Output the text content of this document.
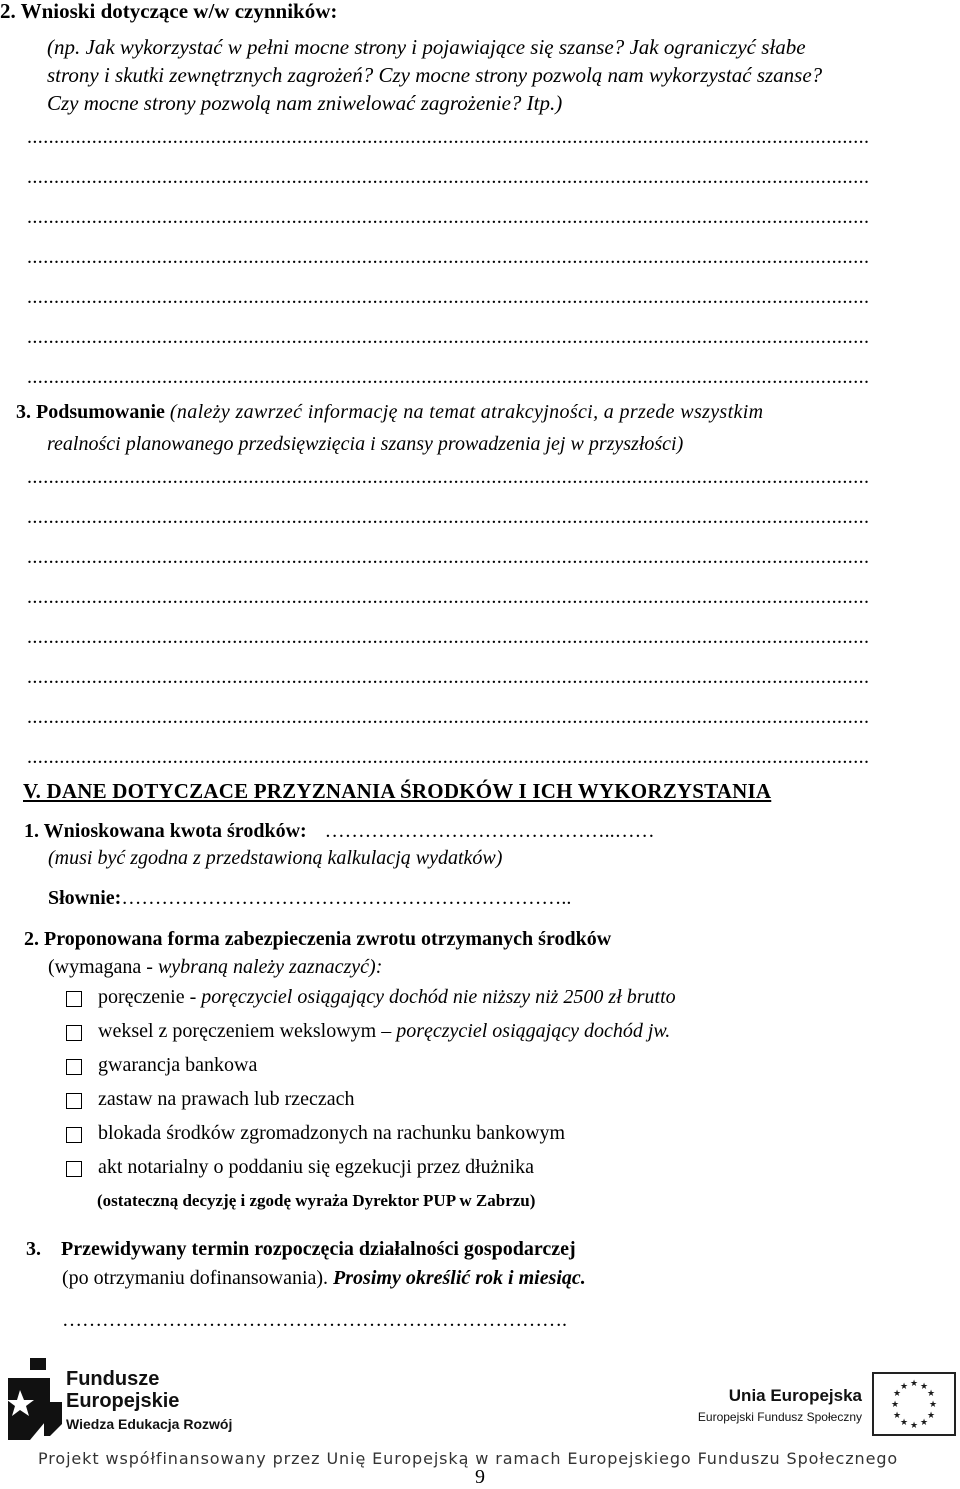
2. Wnioski dotyczące w/w czynników:
(np. Jak wykorzystać w pełni mocne strony i pojawiające się szanse? Jak ograniczyć słabe
strony i skutki zewnętrznych zagrożeń? Czy mocne strony pozwolą nam wykorzystać szanse?
Czy mocne strony pozwolą nam zniwelować zagrożenie? Itp.)
............................................................................................................................................................
............................................................................................................................................................
............................................................................................................................................................
............................................................................................................................................................
............................................................................................................................................................
............................................................................................................................................................
............................................................................................................................................................
3. Podsumowanie (należy zawrzeć informację na temat atrakcyjności, a przede wszystkim
realności planowanego przedsięwzięcia i szansy prowadzenia jej w przyszłości)
............................................................................................................................................................
............................................................................................................................................................
............................................................................................................................................................
............................................................................................................................................................
............................................................................................................................................................
............................................................................................................................................................
............................................................................................................................................................
............................................................................................................................................................
V. DANE DOTYCZACE PRZYZNANIA ŚRODKÓW I ICH WYKORZYSTANIA
1. Wnioskowana kwota środków: ……………………………………..……
(musi być zgodna z przedstawioną kalkulacją wydatków)
Słownie:…………………………………………………………..
2. Proponowana forma zabezpieczenia zwrotu otrzymanych środków
(wymagana - wybraną należy zaznaczyć):
poręczenie - poręczyciel osiągający dochód nie niższy niż 2500 zł brutto
weksel z poręczeniem wekslowym – poręczyciel osiągający dochód jw.
gwarancja bankowa
zastaw na prawach lub rzeczach
blokada środków zgromadzonych na rachunku bankowym
akt notarialny o poddaniu się egzekucji przez dłużnika
(ostateczną decyzję i zgodę wyraża Dyrektor PUP w Zabrzu)
3. Przewidywany termin rozpoczęcia działalności gospodarczej
(po otrzymaniu dofinansowania). Prosimy określić rok i miesiąc.
………………………………………………………………….
Fundusze
Europejskie
Wiedza Edukacja Rozwój
Unia Europejska
Europejski Fundusz Społeczny
★ ★
★
★
★
★
★
★
★
★
★
★
Projekt współfinansowany przez Unię Europejską w ramach Europejskiego Funduszu Społecznego
9
